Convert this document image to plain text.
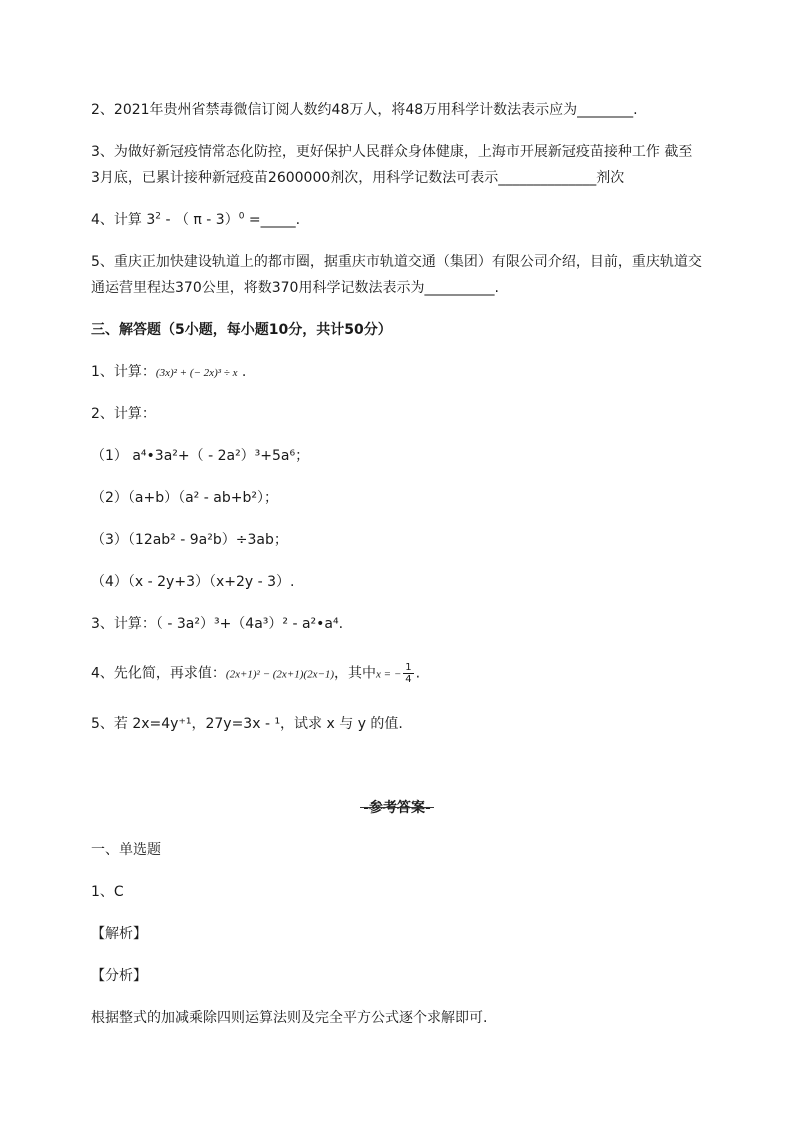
2、2021年贵州省禁毒微信订阅人数约48万人，将48万用科学计数法表示应为________.
3、为做好新冠疫情常态化防控，更好保护人民群众身体健康，上海市开展新冠疫苗接种工作 截至
3月底，已累计接种新冠疫苗2600000剂次，用科学记数法可表示______________剂次
4、计算 $3^2$ - （ π - 3）$^0$ =_____.
5、重庆正加快建设轨道上的都市圈，据重庆市轨道交通（集团）有限公司介绍，目前，重庆轨道交
通运营里程达370公里，将数370用科学记数法表示为__________.
三、解答题（5小题，每小题10分，共计50分）
1、计算：(3x)² + (− 2x)³ ÷ x .
2、计算：
（1） a⁴•3a²+（ - 2a²）³+5a⁶；
（2）（a+b）（a² - ab+b²）；
（3）（12ab² - 9a²b）÷3ab；
（4）（x - 2y+3）（x+2y - 3）.
3、计算：（ - 3a²）³+（4a³）² - a²•a⁴.
4、先化简，再求值：(2x+1)² − (2x+1)(2x−1)，其中x = − $\frac{1}{4}$ .
5、若 2x=4y⁺¹，27y=3x - ¹，试求 x 与 y 的值.
-参考答案-
一、单选题
1、C
【解析】
【分析】
根据整式的加减乘除四则运算法则及完全平方公式逐个求解即可.
